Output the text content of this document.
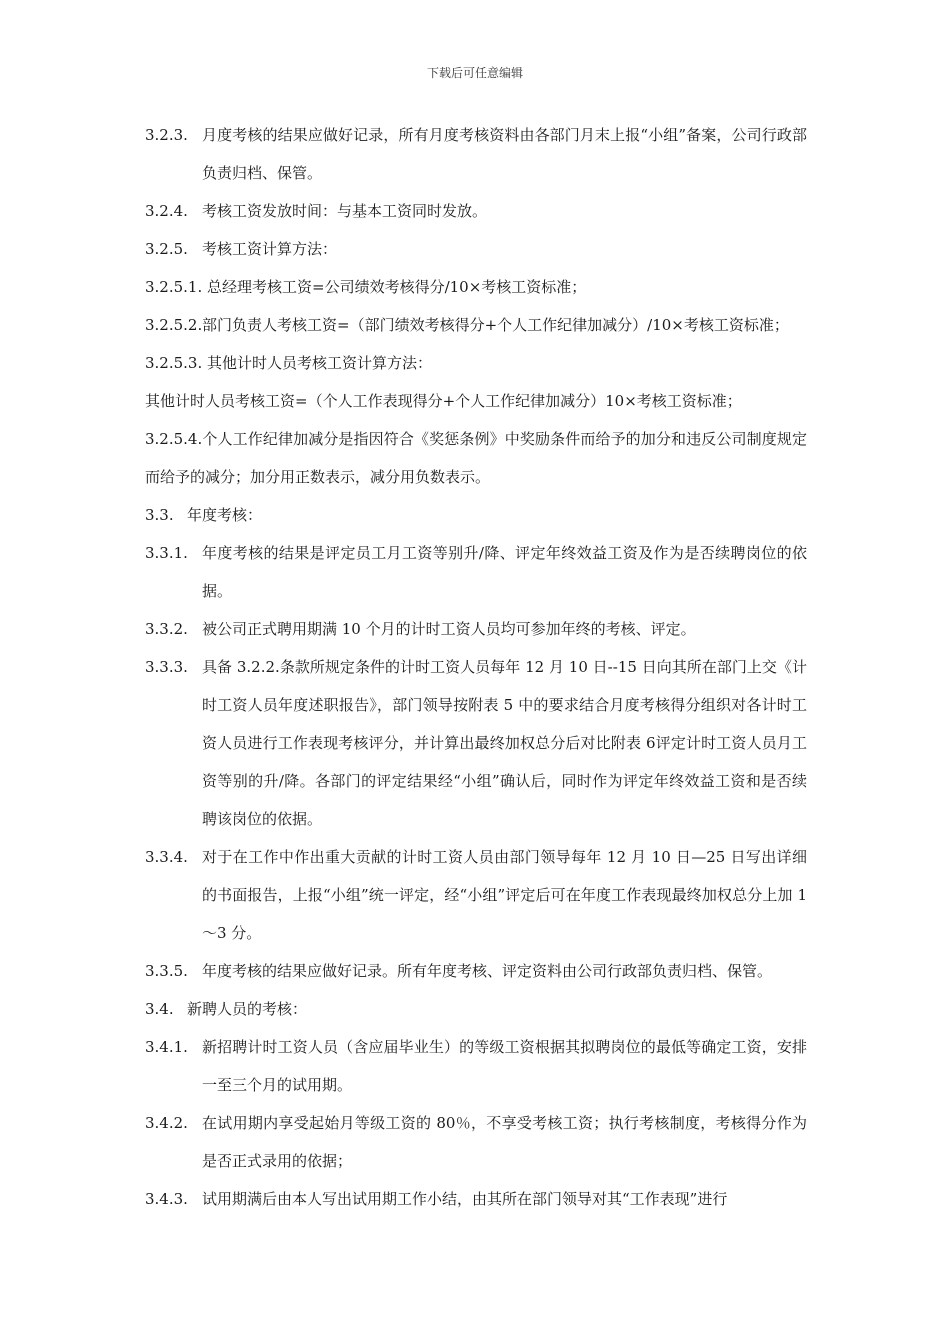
下载后可任意编辑

3.2.3. 月度考核的结果应做好记录，所有月度考核资料由各部门月末上报“小组”备案，公司行政部负责归档、保管。

3.2.4. 考核工资发放时间：与基本工资同时发放。

3.2.5. 考核工资计算方法：

3.2.5.1. 总经理考核工资=公司绩效考核得分/10×考核工资标准；

3.2.5.2. 部门负责人考核工资=（部门绩效考核得分+个人工作纪律加减分）/10×考核工资标准；

3.2.5.3. 其他计时人员考核工资计算方法：

其他计时人员考核工资=（个人工作表现得分+个人工作纪律加减分）10×考核工资标准；

3.2.5.4.个人工作纪律加减分是指因符合《奖惩条例》中奖励条件而给予的加分和违反公司制度规定而给予的减分；加分用正数表示，减分用负数表示。

3.3. 年度考核：

3.3.1. 年度考核的结果是评定员工月工资等别升/降、评定年终效益工资及作为是否续聘岗位的依据。

3.3.2. 被公司正式聘用期满 10 个月的计时工资人员均可参加年终的考核、评定。

3.3.3. 具备 3.2.2.条款所规定条件的计时工资人员每年 12 月 10 日--15 日向其所在部门上交《计时工资人员年度述职报告》，部门领导按附表 5 中的要求结合月度考核得分组织对各计时工资人员进行工作表现考核评分，并计算出最终加权总分后对比附表 6评定计时工资人员月工资等别的升/降。各部门的评定结果经“小组”确认后，同时作为评定年终效益工资和是否续聘该岗位的依据。

3.3.4. 对于在工作中作出重大贡献的计时工资人员由部门领导每年 12 月 10 日—25 日写出详细的书面报告，上报“小组”统一评定，经“小组”评定后可在年度工作表现最终加权总分上加 1～3 分。

3.3.5. 年度考核的结果应做好记录。所有年度考核、评定资料由公司行政部负责归档、保管。

3.4. 新聘人员的考核：

3.4.1. 新招聘计时工资人员（含应届毕业生）的等级工资根据其拟聘岗位的最低等确定工资，安排一至三个月的试用期。

3.4.2. 在试用期内享受起始月等级工资的 80％，不享受考核工资；执行考核制度，考核得分作为是否正式录用的依据；

3.4.3. 试用期满后由本人写出试用期工作小结，由其所在部门领导对其“工作表现”进行
